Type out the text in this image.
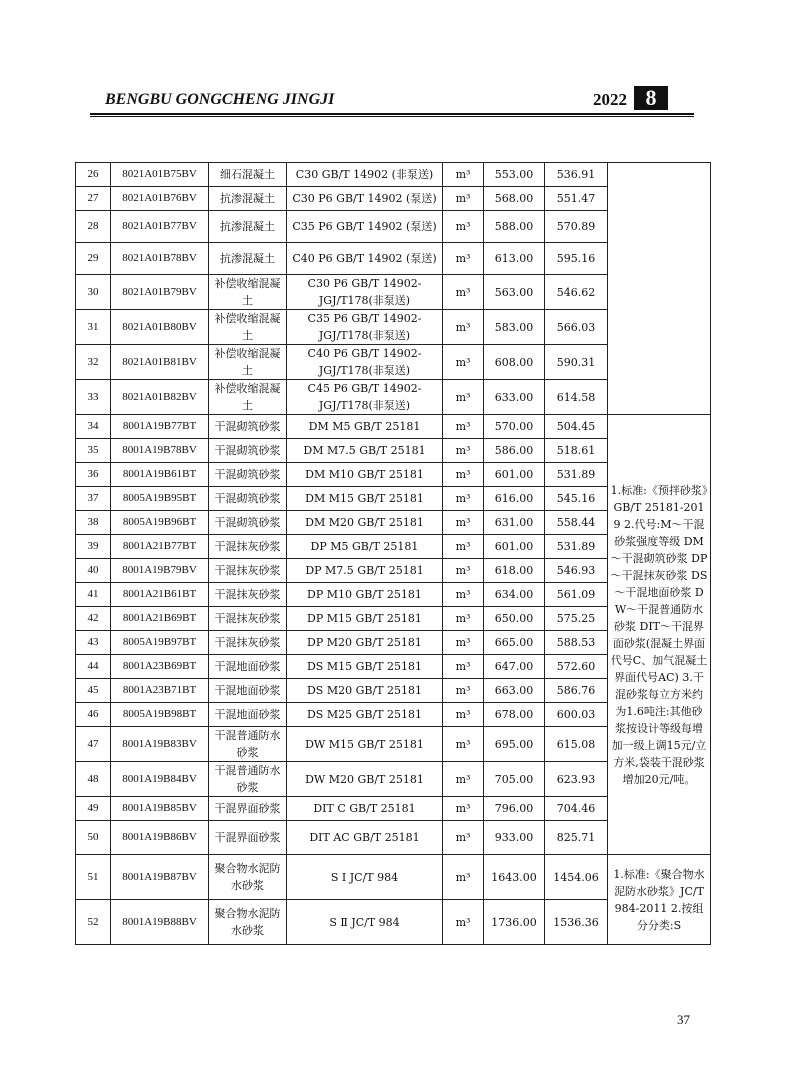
BENGBU GONGCHENG JINGJI	2022 8
26	8021A01B75BV	细石混凝土	C30 GB/T 14902 (非泵送)	m³	553.00	536.91	
27	8021A01B76BV	抗渗混凝土	C30 P6 GB/T 14902 (泵送)	m³	568.00	551.47	
28	8021A01B77BV	抗渗混凝土	C35 P6 GB/T 14902 (泵送)	m³	588.00	570.89	
29	8021A01B78BV	抗渗混凝土	C40 P6 GB/T 14902 (泵送)	m³	613.00	595.16	
30	8021A01B79BV	补偿收缩混凝土	C30 P6 GB/T 14902-JGJ/T178(非泵送)	m³	563.00	546.62	
31	8021A01B80BV	补偿收缩混凝土	C35 P6 GB/T 14902-JGJ/T178(非泵送)	m³	583.00	566.03	
32	8021A01B81BV	补偿收缩混凝土	C40 P6 GB/T 14902-JGJ/T178(非泵送)	m³	608.00	590.31	
33	8021A01B82BV	补偿收缩混凝土	C45 P6 GB/T 14902-JGJ/T178(非泵送)	m³	633.00	614.58	
34	8001A19B77BT	干混砌筑砂浆	DM M5 GB/T 25181	m³	570.00	504.45	1.标准:《预拌砂浆》GB/T 25181-2019 2.代号:M～干混砂浆强度等级 DM～干混砌筑砂浆 DP～干混抹灰砂浆 DS～干混地面砂浆 DW～干混普通防水砂浆 DIT～干混界面砂浆(混凝土界面代号C、加气混凝土界面代号AC) 3.干混砂浆每立方米约为1.6吨注:其他砂浆按设计等级每增加一级上调15元/立方米,袋装干混砂浆增加20元/吨。
35	8001A19B78BV	干混砌筑砂浆	DM M7.5 GB/T 25181	m³	586.00	518.61	
36	8001A19B61BT	干混砌筑砂浆	DM M10 GB/T 25181	m³	601.00	531.89	
37	8005A19B95BT	干混砌筑砂浆	DM M15 GB/T 25181	m³	616.00	545.16	
38	8005A19B96BT	干混砌筑砂浆	DM M20 GB/T 25181	m³	631.00	558.44	
39	8001A21B77BT	干混抹灰砂浆	DP M5 GB/T 25181	m³	601.00	531.89	
40	8001A19B79BV	干混抹灰砂浆	DP M7.5 GB/T 25181	m³	618.00	546.93	
41	8001A21B61BT	干混抹灰砂浆	DP M10 GB/T 25181	m³	634.00	561.09	
42	8001A21B69BT	干混抹灰砂浆	DP M15 GB/T 25181	m³	650.00	575.25	
43	8005A19B97BT	干混抹灰砂浆	DP M20 GB/T 25181	m³	665.00	588.53	
44	8001A23B69BT	干混地面砂浆	DS M15 GB/T 25181	m³	647.00	572.60	
45	8001A23B71BT	干混地面砂浆	DS M20 GB/T 25181	m³	663.00	586.76	
46	8005A19B98BT	干混地面砂浆	DS M25 GB/T 25181	m³	678.00	600.03	
47	8001A19B83BV	干混普通防水砂浆	DW M15 GB/T 25181	m³	695.00	615.08	
48	8001A19B84BV	干混普通防水砂浆	DW M20 GB/T 25181	m³	705.00	623.93	
49	8001A19B85BV	干混界面砂浆	DIT C GB/T 25181	m³	796.00	704.46	
50	8001A19B86BV	干混界面砂浆	DIT AC GB/T 25181	m³	933.00	825.71	
51	8001A19B87BV	聚合物水泥防水砂浆	S Ⅰ JC/T 984	m³	1643.00	1454.06	1.标准:《聚合物水泥防水砂浆》JC/T 984-2011 2.按组分分类:S
52	8001A19B88BV	聚合物水泥防水砂浆	S Ⅱ JC/T 984	m³	1736.00	1536.36	
37
